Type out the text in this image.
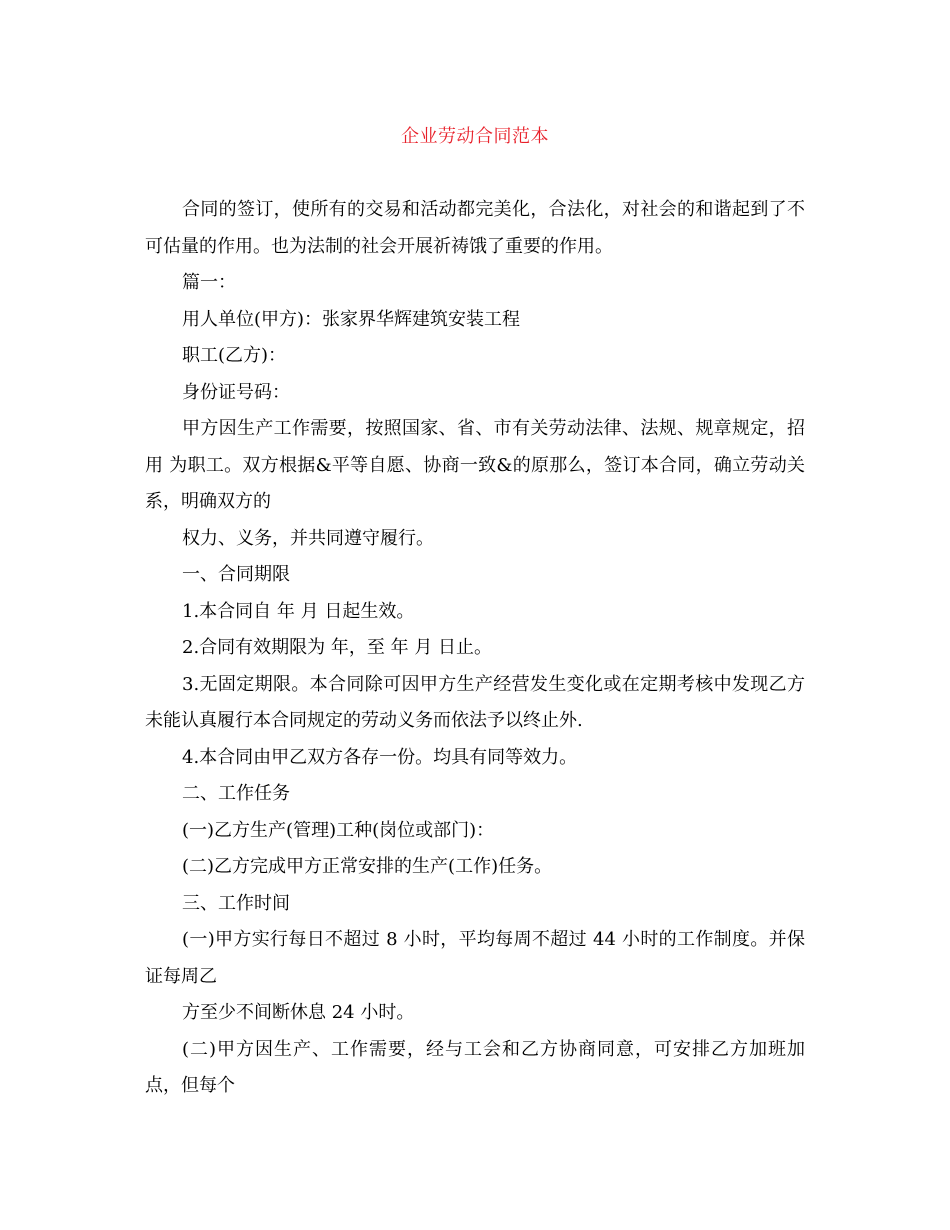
企业劳动合同范本

合同的签订，使所有的交易和活动都完美化，合法化，对社会的和谐起到了不可估量的作用。也为法制的社会开展祈祷饿了重要的作用。

篇一：

用人单位(甲方)：张家界华辉建筑安装工程

职工(乙方)：

身份证号码：

甲方因生产工作需要，按照国家、省、市有关劳动法律、法规、规章规定，招用 为职工。双方根据&平等自愿、协商一致&的原那么，签订本合同，确立劳动关系，明确双方的

权力、义务，并共同遵守履行。

一、合同期限

1.本合同自 年 月 日起生效。

2.合同有效期限为 年，至 年 月 日止。

3.无固定期限。本合同除可因甲方生产经营发生变化或在定期考核中发现乙方未能认真履行本合同规定的劳动义务而依法予以终止外.

4.本合同由甲乙双方各存一份。均具有同等效力。

二、工作任务

(一)乙方生产(管理)工种(岗位或部门)：

(二)乙方完成甲方正常安排的生产(工作)任务。

三、工作时间

(一)甲方实行每日不超过 8 小时，平均每周不超过 44 小时的工作制度。并保证每周乙

方至少不间断休息 24 小时。

(二)甲方因生产、工作需要，经与工会和乙方协商同意，可安排乙方加班加点，但每个
